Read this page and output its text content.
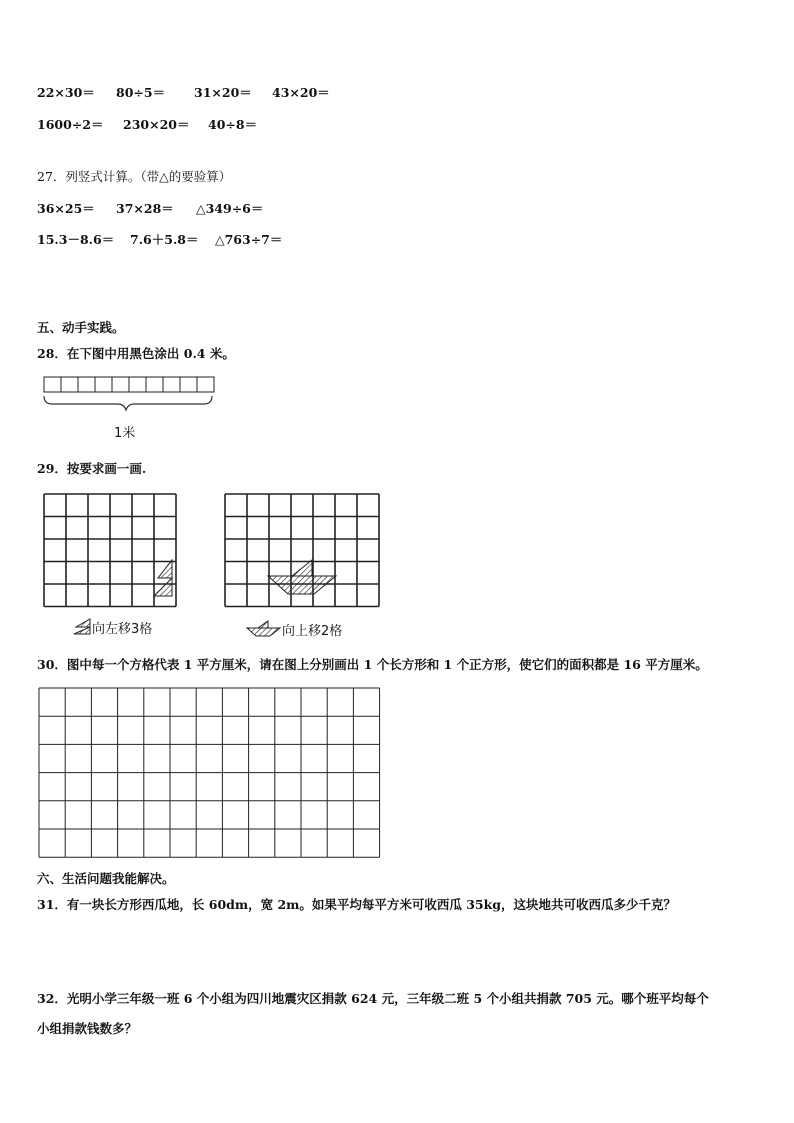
22×30＝ 80÷5＝ 31×20＝ 43×20＝
1600÷2＝ 230×20＝ 40÷8＝
27．列竖式计算。（带△的要验算）
36×25＝ 37×28＝ △349÷6＝
15.3－8.6＝ 7.6＋5.8＝ △763÷7＝
五、动手实践。
28．在下图中用黑色涂出 0.4 米。
1米
29．按要求画一画.
向左移3格	向上移2格
30．图中每一个方格代表 1 平方厘米，请在图上分别画出 1 个长方形和 1 个正方形，使它们的面积都是 16 平方厘米。
六、生活问题我能解决。
31．有一块长方形西瓜地，长 60dm，宽 2m。如果平均每平方米可收西瓜 35kg，这块地共可收西瓜多少千克？
32．光明小学三年级一班 6 个小组为四川地震灾区捐款 624 元，三年级二班 5 个小组共捐款 705 元。哪个班平均每个
小组捐款钱数多？
